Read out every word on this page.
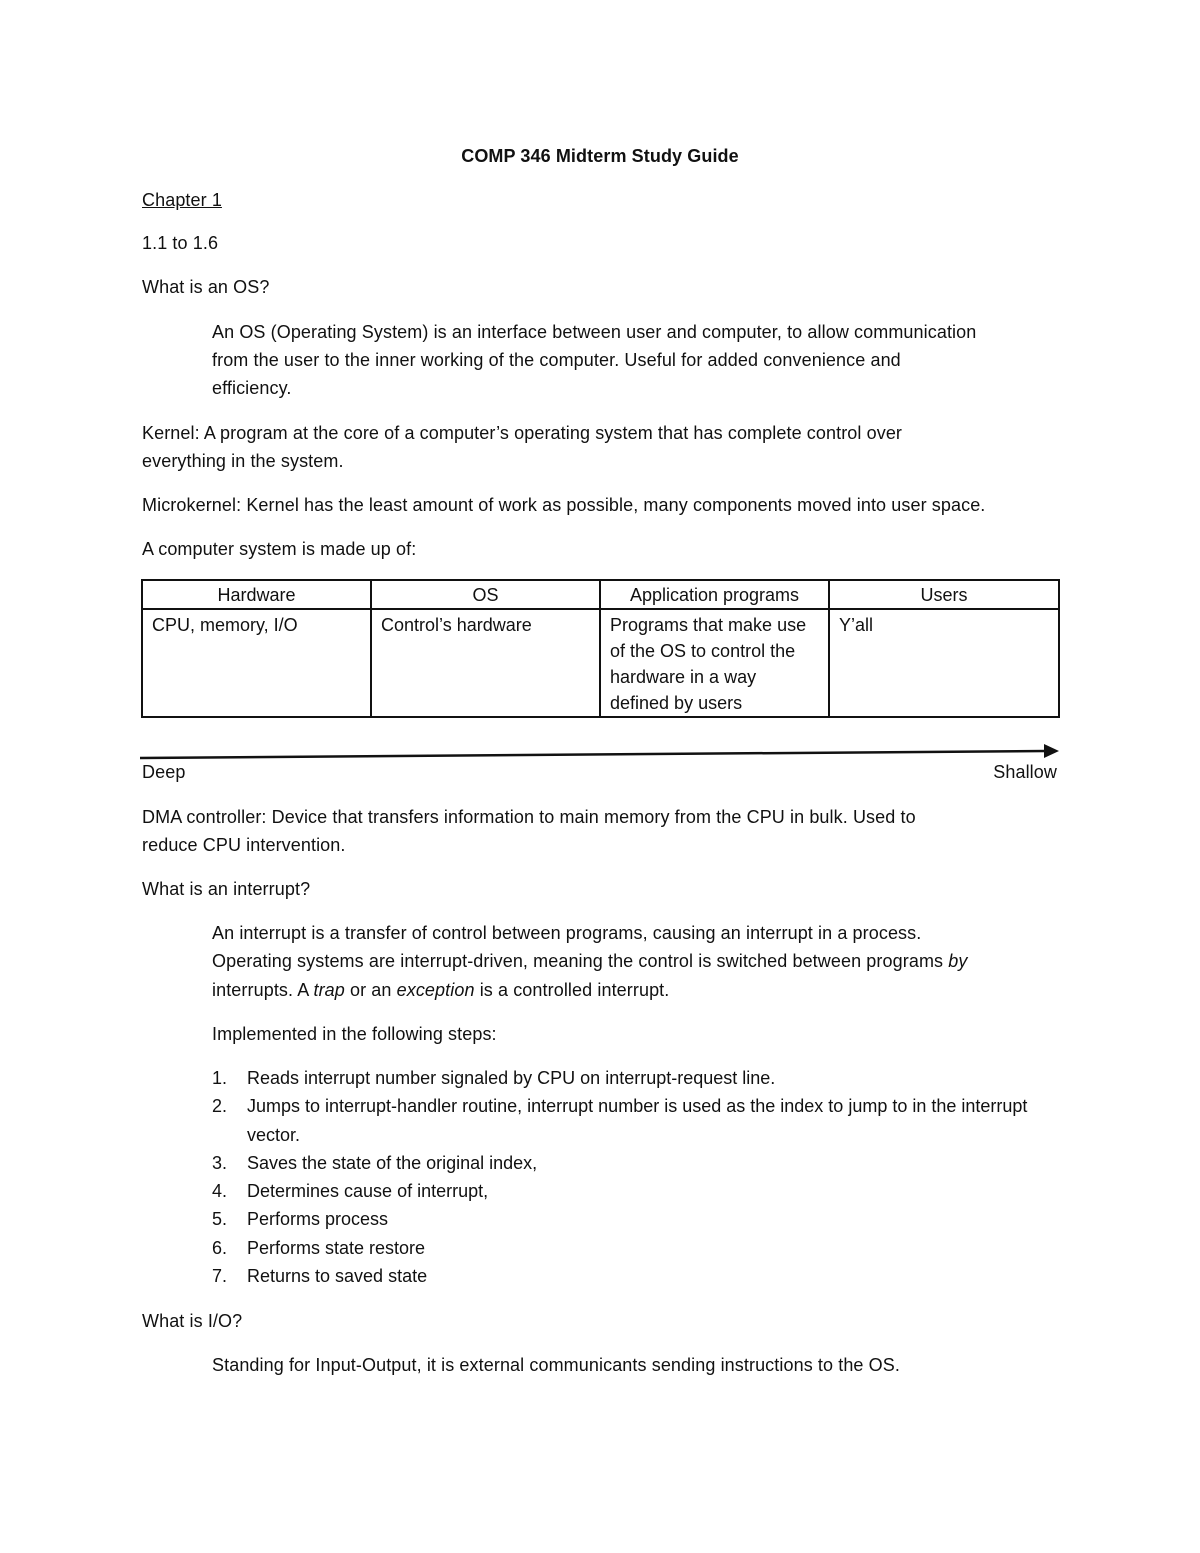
COMP 346 Midterm Study Guide
Chapter 1
1.1 to 1.6
What is an OS?
An OS (Operating System) is an interface between user and computer, to allow communication
from the user to the inner working of the computer. Useful for added convenience and
efficiency.
Kernel: A program at the core of a computer’s operating system that has complete control over
everything in the system.
Microkernel: Kernel has the least amount of work as possible, many components moved into user space.
A computer system is made up of:
Hardware	OS	Application programs	Users
CPU, memory, I/O	Control’s hardware	Programs that make use of the OS to control the hardware in a way defined by users	Y’all
Deep	Shallow
DMA controller: Device that transfers information to main memory from the CPU in bulk. Used to
reduce CPU intervention.
What is an interrupt?
An interrupt is a transfer of control between programs, causing an interrupt in a process.
Operating systems are interrupt-driven, meaning the control is switched between programs by
interrupts. A trap or an exception is a controlled interrupt.
Implemented in the following steps:
1. Reads interrupt number signaled by CPU on interrupt-request line.
2. Jumps to interrupt-handler routine, interrupt number is used as the index to jump to in the interrupt vector.
3. Saves the state of the original index,
4. Determines cause of interrupt,
5. Performs process
6. Performs state restore
7. Returns to saved state
What is I/O?
Standing for Input-Output, it is external communicants sending instructions to the OS.
